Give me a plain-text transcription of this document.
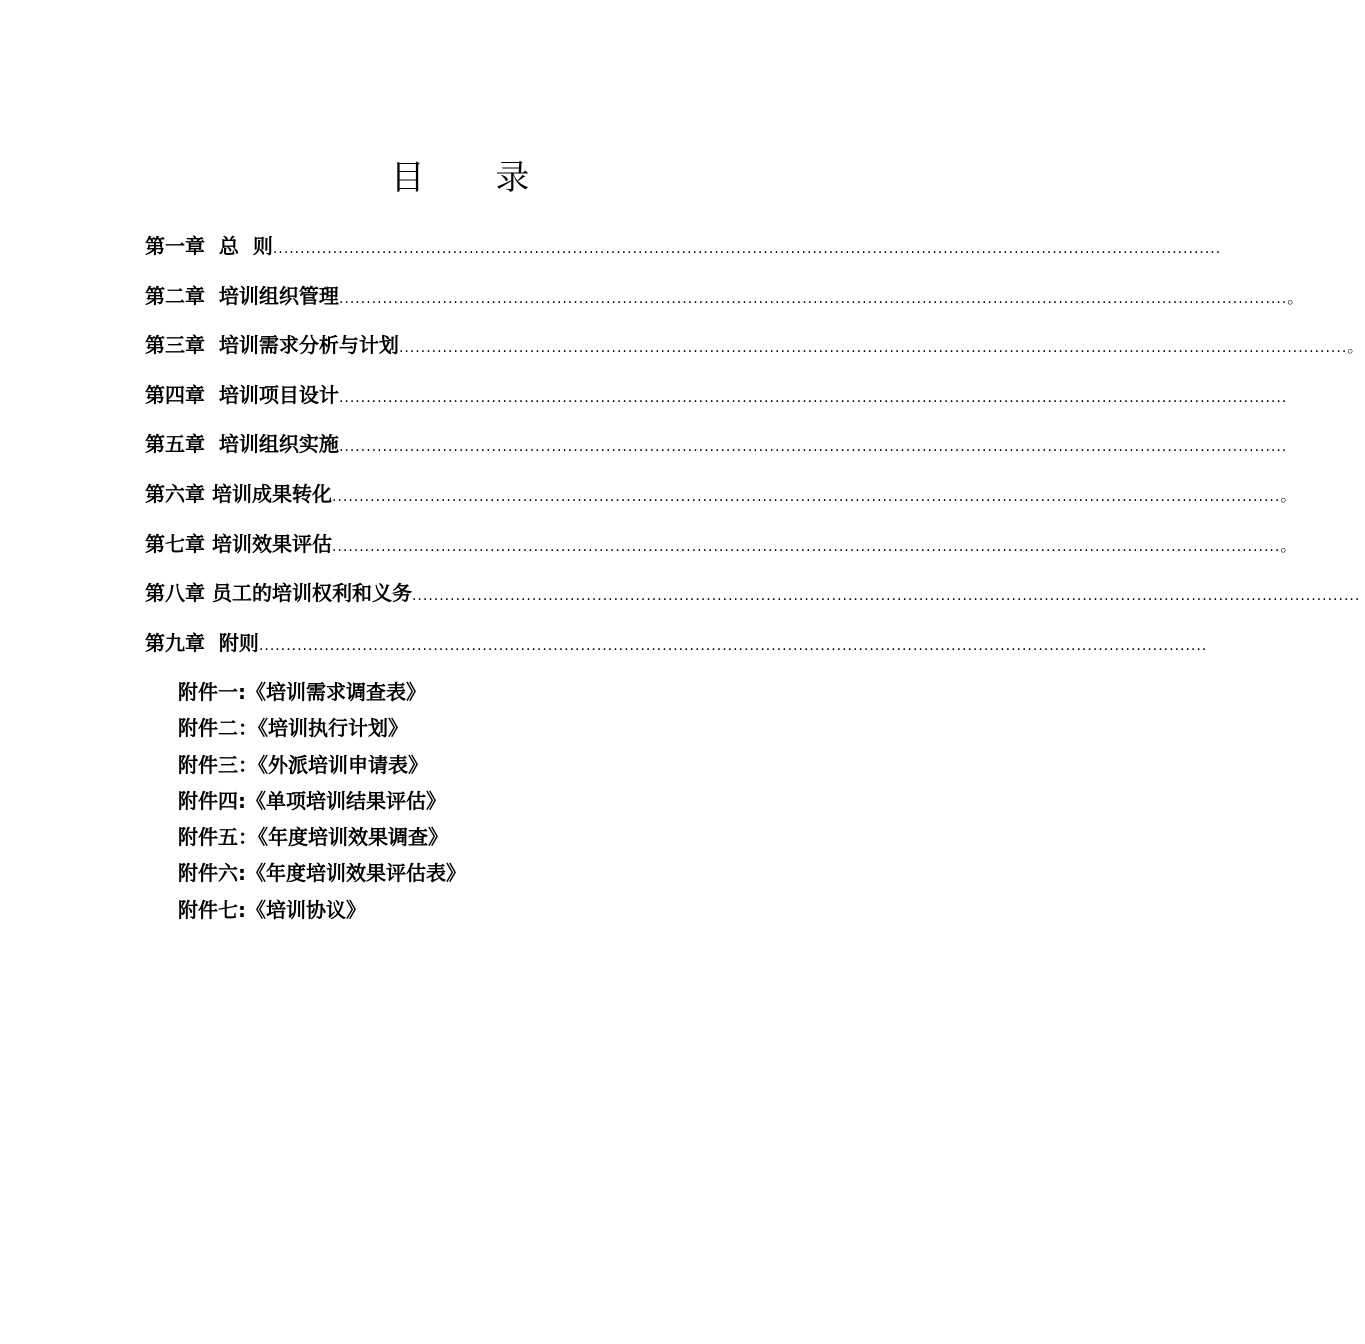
目 录
第一章  总  则 ..............................................................................................................................................................................
第二章  培训组织管理 .............................................................................................................................................................................. 。
第三章  培训需求分析与计划 .............................................................................................................................................................................. 。
第四章  培训项目设计 ..............................................................................................................................................................................
第五章  培训组织实施 ..............................................................................................................................................................................
第六章 培训成果转化 .............................................................................................................................................................................. 。
第七章 培训效果评估 .............................................................................................................................................................................. 。
第八章 员工的培训权利和义务 ..............................................................................................................................................................................
第九章  附则 ..............................................................................................................................................................................
附件一:《培训需求调查表》
附件二：《培训执行计划》
附件三：《外派培训申请表》
附件四:《单项培训结果评估》
附件五：《年度培训效果调查》
附件六:《年度培训效果评估表》
附件七:《培训协议》
